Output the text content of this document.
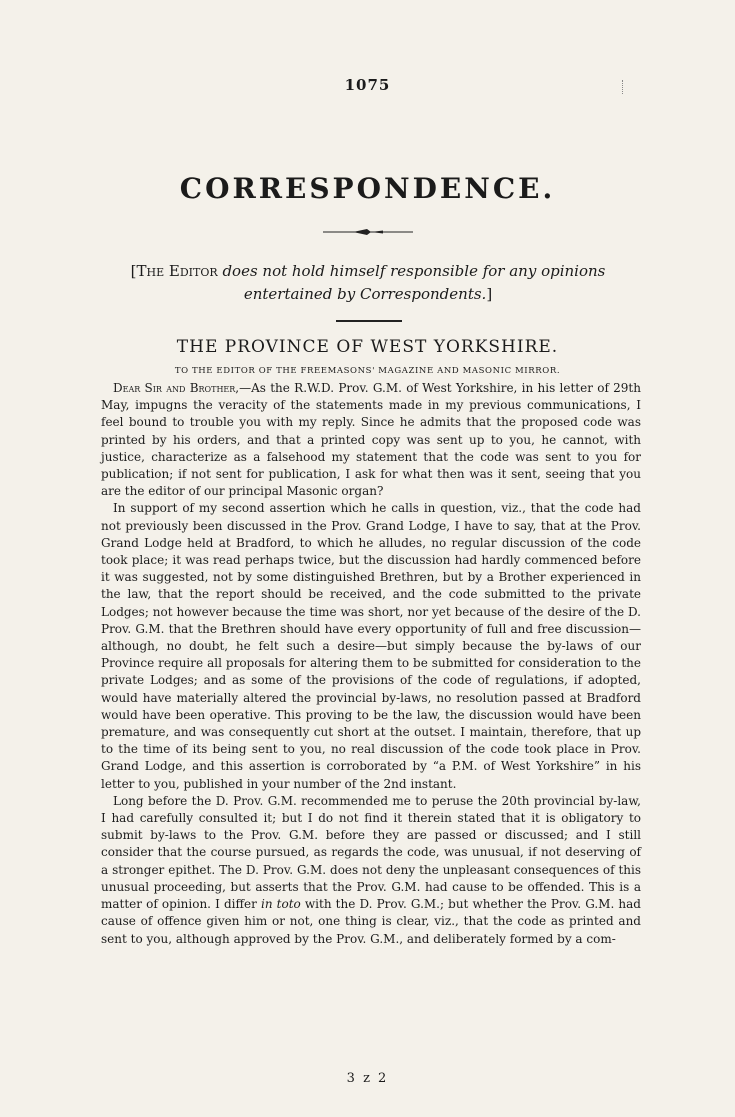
1075
CORRESPONDENCE.
[The Editor does not hold himself responsible for any opinions entertained by Correspondents.]
THE PROVINCE OF WEST YORKSHIRE.
TO THE EDITOR OF THE FREEMASONS' MAGAZINE AND MASONIC MIRROR.

Dear Sir and Brother,—As the R.W.D. Prov. G.M. of West Yorkshire, in his letter of 29th May, impugns the veracity of the statements made in my previous communications, I feel bound to trouble you with my reply. Since he admits that the proposed code was printed by his orders, and that a printed copy was sent up to you, he cannot, with justice, characterize as a falsehood my statement that the code was sent to you for publication; if not sent for publication, I ask for what then was it sent, seeing that you are the editor of our principal Masonic organ?

In support of my second assertion which he calls in question, viz., that the code had not previously been discussed in the Prov. Grand Lodge, I have to say, that at the Prov. Grand Lodge held at Bradford, to which he alludes, no regular discussion of the code took place; it was read perhaps twice, but the discussion had hardly commenced before it was suggested, not by some distinguished Brethren, but by a Brother experienced in the law, that the report should be received, and the code submitted to the private Lodges; not however because the time was short, nor yet because of the desire of the D. Prov. G.M. that the Brethren should have every opportunity of full and free discussion—although, no doubt, he felt such a desire—but simply because the by-laws of our Province require all proposals for altering them to be submitted for consideration to the private Lodges; and as some of the provisions of the code of regulations, if adopted, would have materially altered the provincial by-laws, no resolution passed at Bradford would have been operative. This proving to be the law, the discussion would have been premature, and was consequently cut short at the outset. I maintain, therefore, that up to the time of its being sent to you, no real discussion of the code took place in Prov. Grand Lodge, and this assertion is corroborated by “a P.M. of West Yorkshire” in his letter to you, published in your number of the 2nd instant.

Long before the D. Prov. G.M. recommended me to peruse the 20th provincial by-law, I had carefully consulted it; but I do not find it therein stated that it is obligatory to submit by-laws to the Prov. G.M. before they are passed or discussed; and I still consider that the course pursued, as regards the code, was unusual, if not deserving of a stronger epithet. The D. Prov. G.M. does not deny the unpleasant consequences of this unusual proceeding, but asserts that the Prov. G.M. had cause to be offended. This is a matter of opinion. I differ in toto with the D. Prov. G.M.; but whether the Prov. G.M. had cause of offence given him or not, one thing is clear, viz., that the code as printed and sent to you, although approved by the Prov. G.M., and deliberately formed by a com-

3 z 2
